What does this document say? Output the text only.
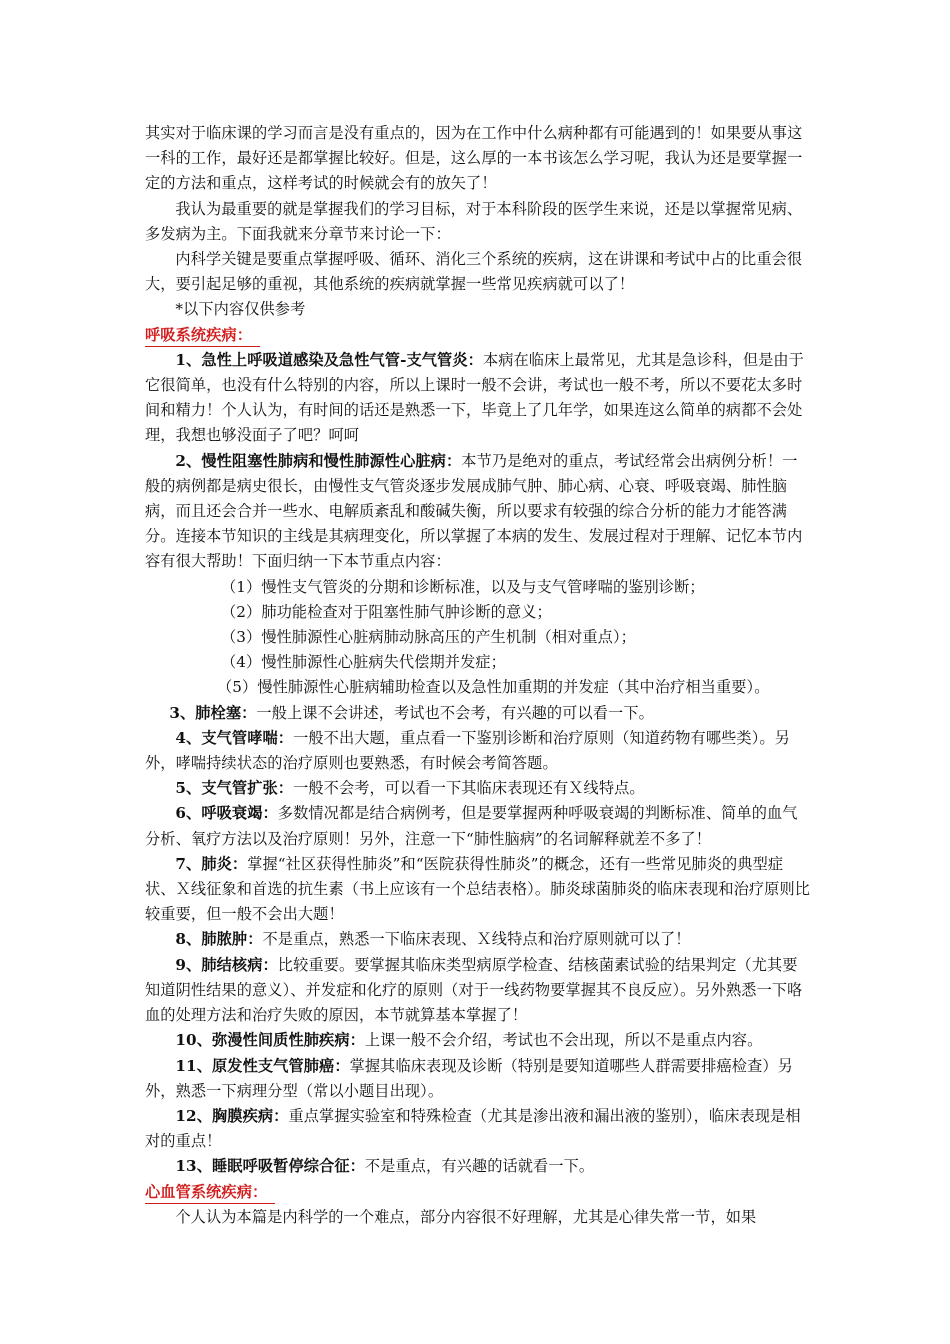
其实对于临床课的学习而言是没有重点的，因为在工作中什么病种都有可能遇到的！如果要从事这一科的工作，最好还是都掌握比较好。但是，这么厚的一本书该怎么学习呢，我认为还是要掌握一定的方法和重点，这样考试的时候就会有的放矢了！

我认为最重要的就是掌握我们的学习目标，对于本科阶段的医学生来说，还是以掌握常见病、多发病为主。下面我就来分章节来讨论一下：

内科学关键是要重点掌握呼吸、循环、消化三个系统的疾病，这在讲课和考试中占的比重会很大，要引起足够的重视，其他系统的疾病就掌握一些常见疾病就可以了！

*以下内容仅供参考

呼吸系统疾病：

1、急性上呼吸道感染及急性气管-支气管炎：本病在临床上最常见，尤其是急诊科，但是由于它很简单，也没有什么特别的内容，所以上课时一般不会讲，考试也一般不考，所以不要花太多时间和精力！个人认为，有时间的话还是熟悉一下，毕竟上了几年学，如果连这么简单的病都不会处理，我想也够没面子了吧？呵呵

2、慢性阻塞性肺病和慢性肺源性心脏病：本节乃是绝对的重点，考试经常会出病例分析！一般的病例都是病史很长，由慢性支气管炎逐步发展成肺气肿、肺心病、心衰、呼吸衰竭、肺性脑病，而且还会合并一些水、电解质紊乱和酸碱失衡，所以要求有较强的综合分析的能力才能答满分。连接本节知识的主线是其病理变化，所以掌握了本病的发生、发展过程对于理解、记忆本节内容有很大帮助！下面归纳一下本节重点内容：

（1）慢性支气管炎的分期和诊断标准，以及与支气管哮喘的鉴别诊断；

（2）肺功能检查对于阻塞性肺气肿诊断的意义；

（3）慢性肺源性心脏病肺动脉高压的产生机制（相对重点）；

（4）慢性肺源性心脏病失代偿期并发症；

（5）慢性肺源性心脏病辅助检查以及急性加重期的并发症（其中治疗相当重要）。

3、肺栓塞：一般上课不会讲述，考试也不会考，有兴趣的可以看一下。

4、支气管哮喘：一般不出大题，重点看一下鉴别诊断和治疗原则（知道药物有哪些类）。另外，哮喘持续状态的治疗原则也要熟悉，有时候会考简答题。

5、支气管扩张：一般不会考，可以看一下其临床表现还有Ｘ线特点。

6、呼吸衰竭：多数情况都是结合病例考，但是要掌握两种呼吸衰竭的判断标准、简单的血气分析、氧疗方法以及治疗原则！另外，注意一下“肺性脑病”的名词解释就差不多了！

7、肺炎：掌握“社区获得性肺炎”和“医院获得性肺炎”的概念，还有一些常见肺炎的典型症状、Ｘ线征象和首选的抗生素（书上应该有一个总结表格）。肺炎球菌肺炎的临床表现和治疗原则比较重要，但一般不会出大题！

8、肺脓肿：不是重点，熟悉一下临床表现、Ｘ线特点和治疗原则就可以了！

9、肺结核病：比较重要。要掌握其临床类型病原学检查、结核菌素试验的结果判定（尤其要知道阴性结果的意义）、并发症和化疗的原则（对于一线药物要掌握其不良反应）。另外熟悉一下咯血的处理方法和治疗失败的原因，本节就算基本掌握了！

10、弥漫性间质性肺疾病：上课一般不会介绍，考试也不会出现，所以不是重点内容。

11、原发性支气管肺癌：掌握其临床表现及诊断（特别是要知道哪些人群需要排癌检查）另外，熟悉一下病理分型（常以小题目出现）。

12、胸膜疾病：重点掌握实验室和特殊检查（尤其是渗出液和漏出液的鉴别），临床表现是相对的重点！

13、睡眠呼吸暂停综合征：不是重点，有兴趣的话就看一下。

心血管系统疾病：

个人认为本篇是内科学的一个难点，部分内容很不好理解，尤其是心律失常一节，如果
